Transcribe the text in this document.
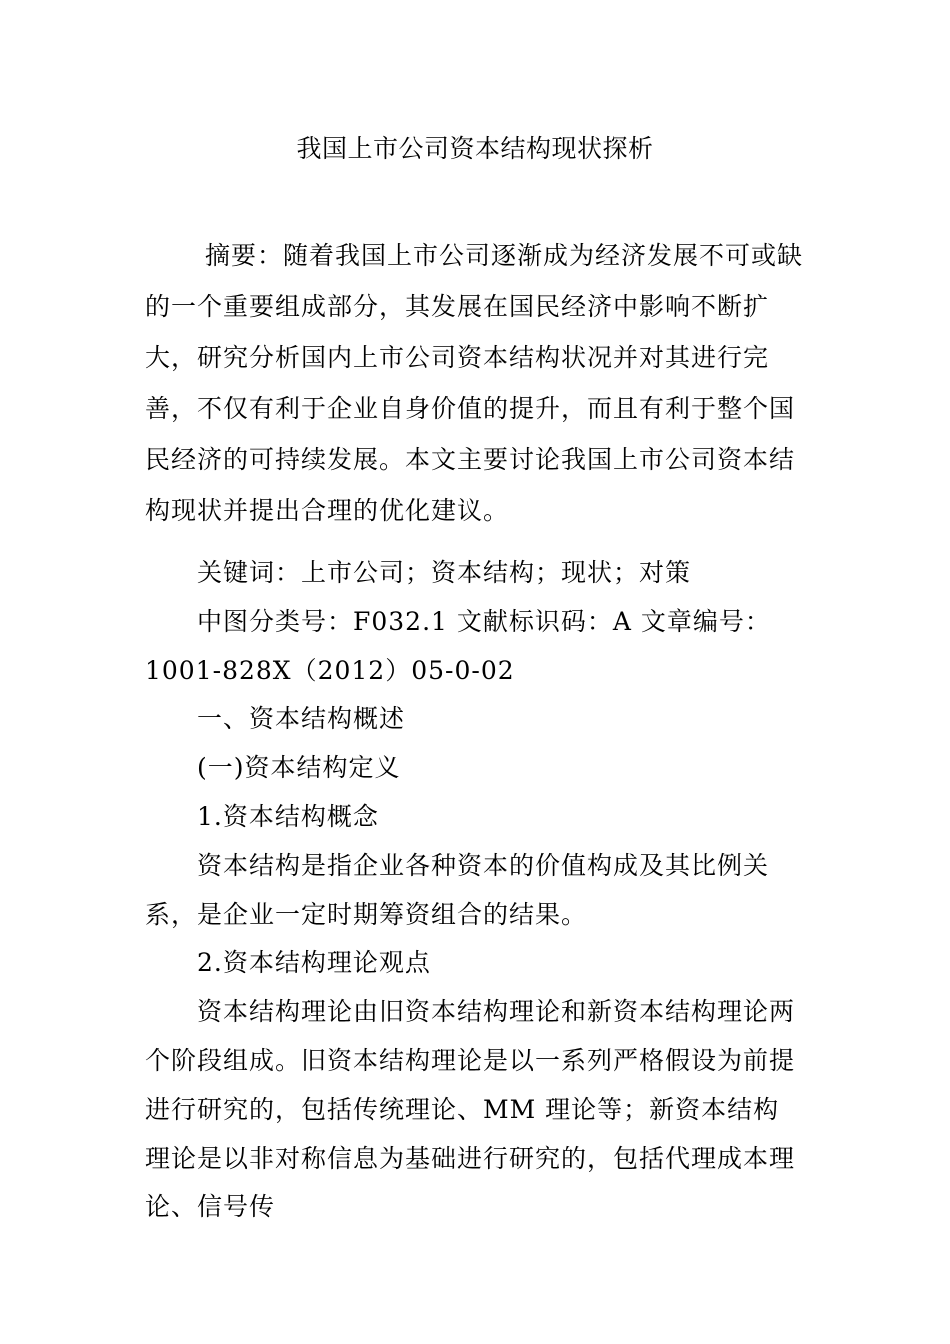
我国上市公司资本结构现状探析

摘要：随着我国上市公司逐渐成为经济发展不可或缺的一个重要组成部分，其发展在国民经济中影响不断扩大，研究分析国内上市公司资本结构状况并对其进行完善，不仅有利于企业自身价值的提升，而且有利于整个国民经济的可持续发展。本文主要讨论我国上市公司资本结构现状并提出合理的优化建议。

关键词：上市公司；资本结构；现状；对策

中图分类号：F032.1 文献标识码：A 文章编号：1001-828X（2012）05-0-02

一、资本结构概述

(一)资本结构定义

1.资本结构概念

资本结构是指企业各种资本的价值构成及其比例关系，是企业一定时期筹资组合的结果。

2.资本结构理论观点

资本结构理论由旧资本结构理论和新资本结构理论两个阶段组成。旧资本结构理论是以一系列严格假设为前提进行研究的，包括传统理论、MM 理论等；新资本结构理论是以非对称信息为基础进行研究的，包括代理成本理论、信号传
